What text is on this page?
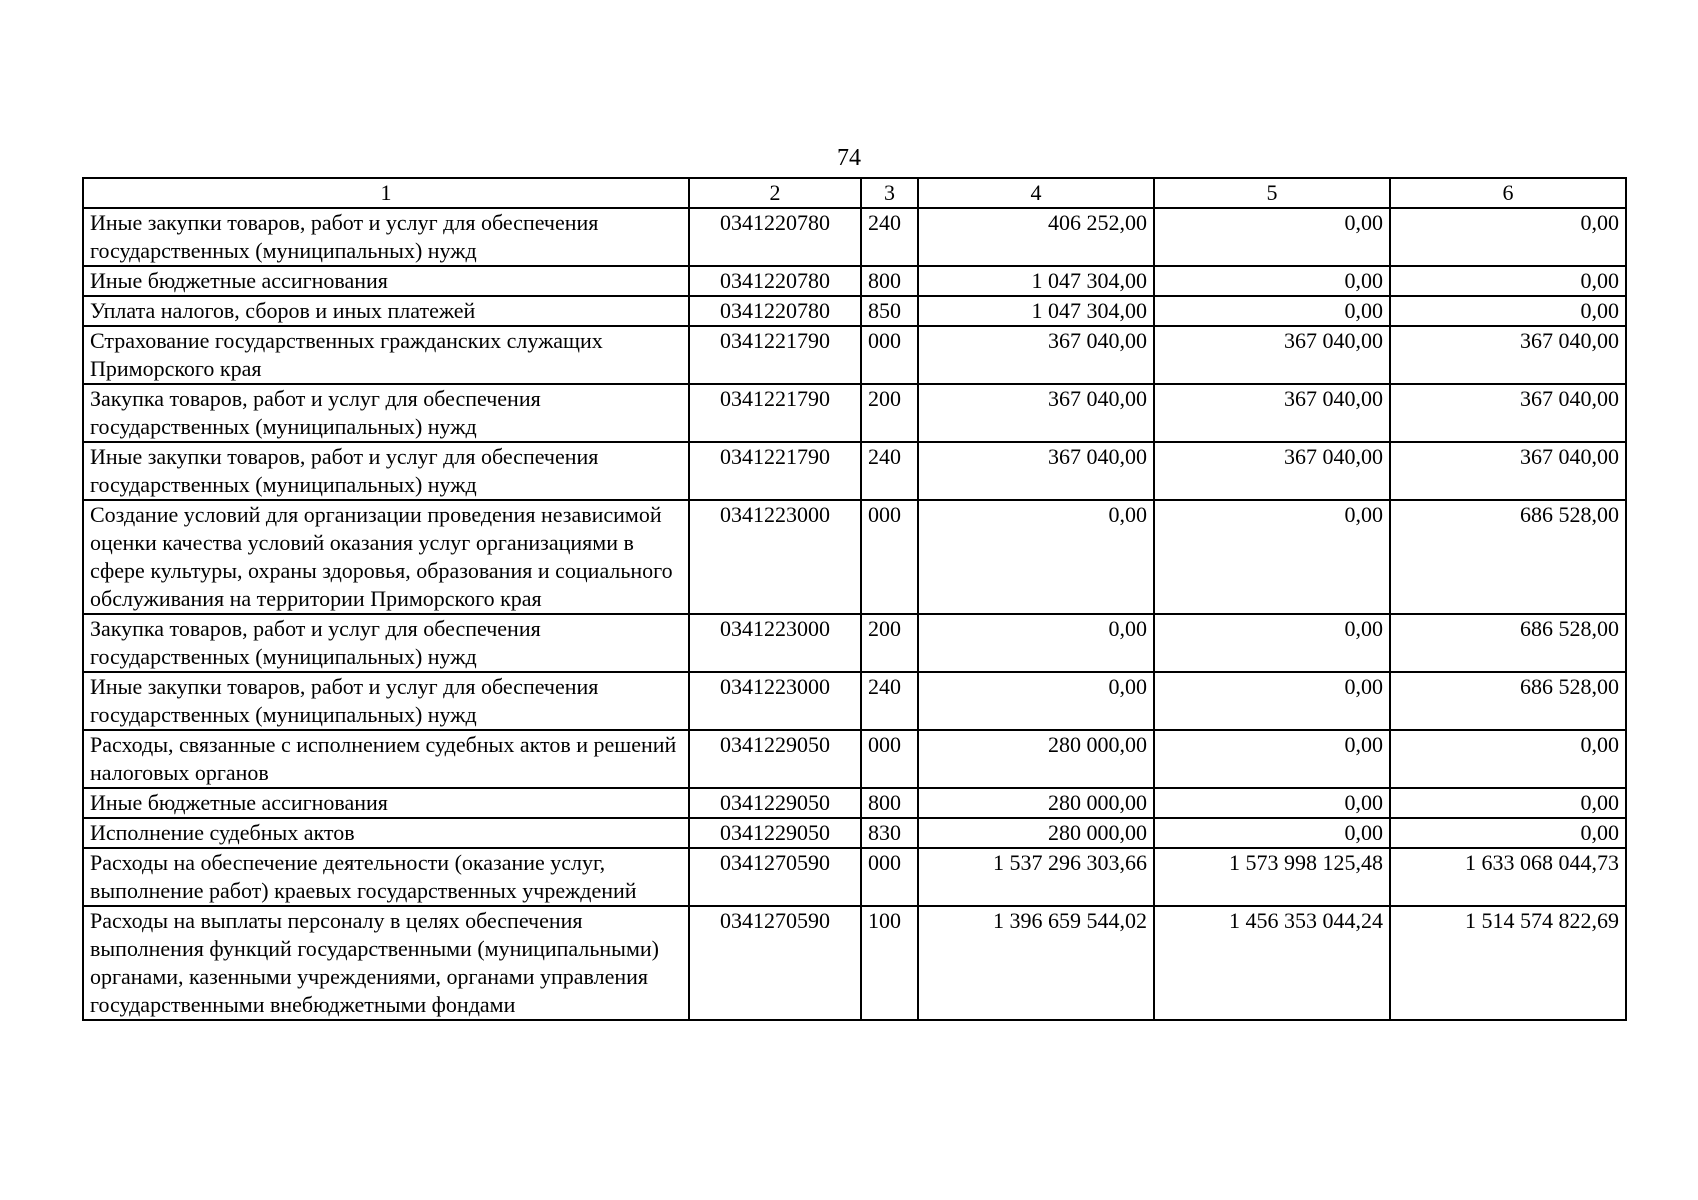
74
1	2	3	4	5	6
Иные закупки товаров, работ и услуг для обеспечения государственных (муниципальных) нужд	0341220780	240	406 252,00	0,00	0,00
Иные бюджетные ассигнования	0341220780	800	1 047 304,00	0,00	0,00
Уплата налогов, сборов и иных платежей	0341220780	850	1 047 304,00	0,00	0,00
Страхование государственных гражданских служащих Приморского края	0341221790	000	367 040,00	367 040,00	367 040,00
Закупка товаров, работ и услуг для обеспечения государственных (муниципальных) нужд	0341221790	200	367 040,00	367 040,00	367 040,00
Иные закупки товаров, работ и услуг для обеспечения государственных (муниципальных) нужд	0341221790	240	367 040,00	367 040,00	367 040,00
Создание условий для организации проведения независимой оценки качества условий оказания услуг организациями в сфере культуры, охраны здоровья, образования и социального обслуживания на территории Приморского края	0341223000	000	0,00	0,00	686 528,00
Закупка товаров, работ и услуг для обеспечения государственных (муниципальных) нужд	0341223000	200	0,00	0,00	686 528,00
Иные закупки товаров, работ и услуг для обеспечения государственных (муниципальных) нужд	0341223000	240	0,00	0,00	686 528,00
Расходы, связанные с исполнением судебных актов и решений налоговых органов	0341229050	000	280 000,00	0,00	0,00
Иные бюджетные ассигнования	0341229050	800	280 000,00	0,00	0,00
Исполнение судебных актов	0341229050	830	280 000,00	0,00	0,00
Расходы на обеспечение деятельности (оказание услуг, выполнение работ) краевых государственных учреждений	0341270590	000	1 537 296 303,66	1 573 998 125,48	1 633 068 044,73
Расходы на выплаты персоналу в целях обеспечения выполнения функций государственными (муниципальными) органами, казенными учреждениями, органами управления государственными внебюджетными фондами	0341270590	100	1 396 659 544,02	1 456 353 044,24	1 514 574 822,69
